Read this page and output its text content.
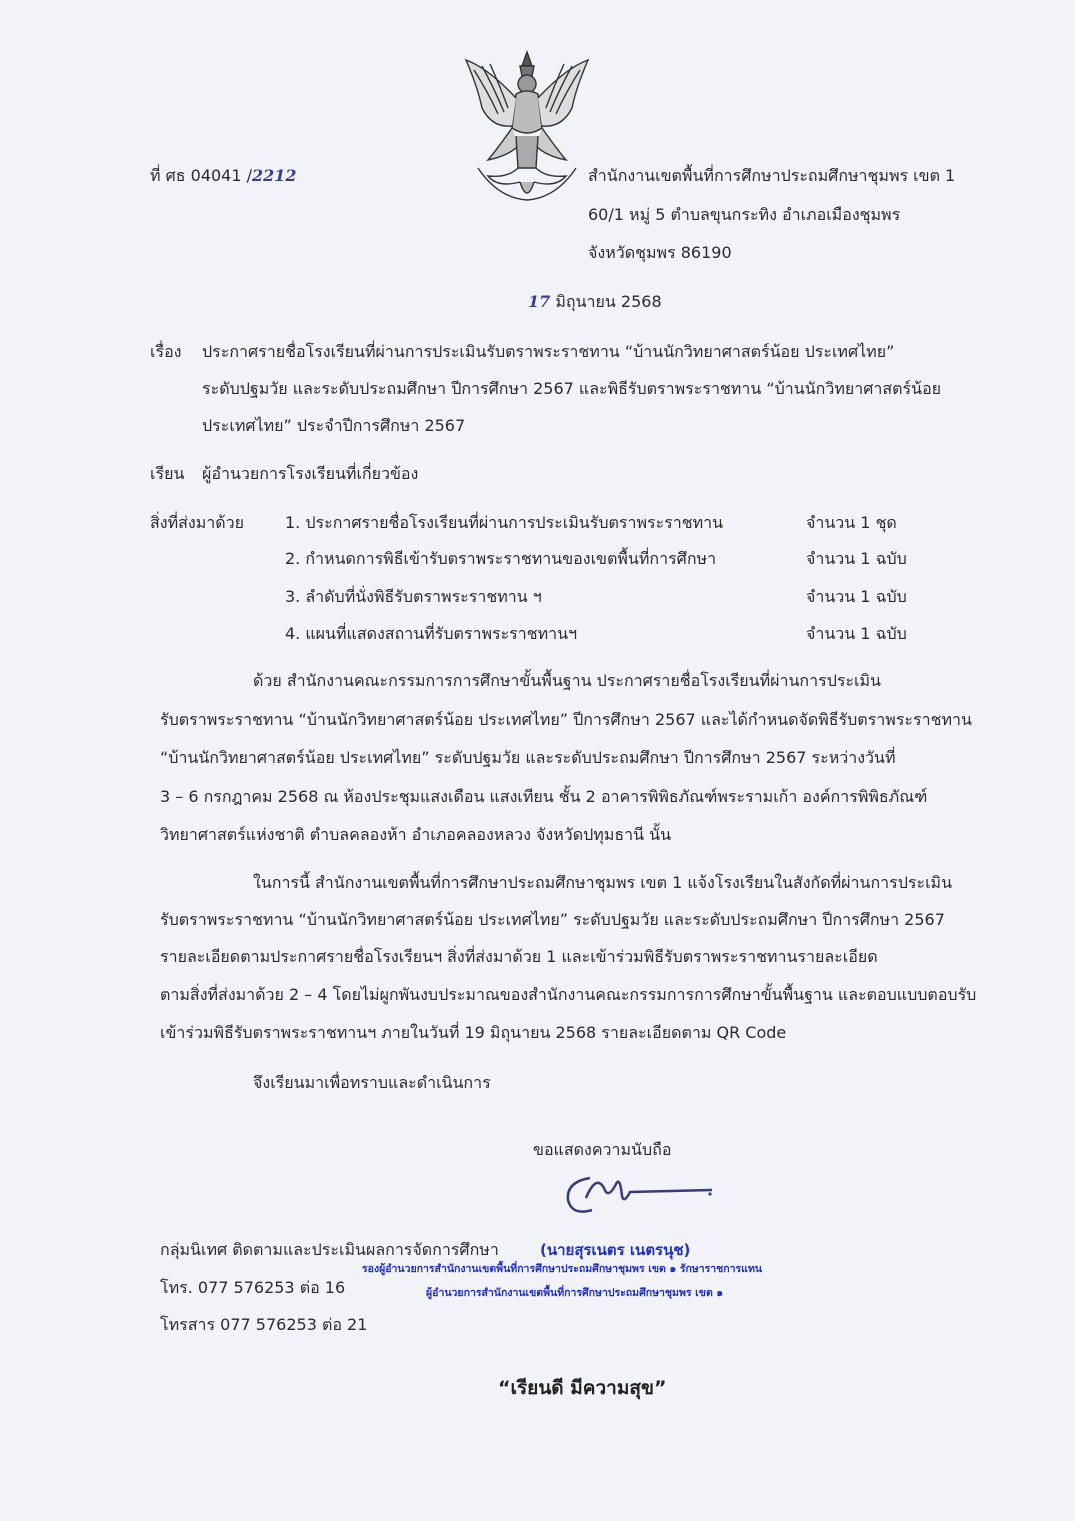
ที่ ศธ 04041 /2212	สำนักงานเขตพื้นที่การศึกษาประถมศึกษาชุมพร เขต 1
60/1 หมู่ 5 ตำบลขุนกระทิง อำเภอเมืองชุมพร
จังหวัดชุมพร 86190
17 มิถุนายน 2568
เรื่อง ประกาศรายชื่อโรงเรียนที่ผ่านการประเมินรับตราพระราชทาน “บ้านนักวิทยาศาสตร์น้อย ประเทศไทย”
ระดับปฐมวัย และระดับประถมศึกษา ปีการศึกษา 2567 และพิธีรับตราพระราชทาน “บ้านนักวิทยาศาสตร์น้อย
ประเทศไทย” ประจำปีการศึกษา 2567
เรียน ผู้อำนวยการโรงเรียนที่เกี่ยวข้อง
สิ่งที่ส่งมาด้วย	1. ประกาศรายชื่อโรงเรียนที่ผ่านการประเมินรับตราพระราชทาน	จำนวน 1 ชุด
2. กำหนดการพิธีเข้ารับตราพระราชทานของเขตพื้นที่การศึกษา	จำนวน 1 ฉบับ
3. ลำดับที่นั่งพิธีรับตราพระราชทาน ฯ	จำนวน 1 ฉบับ
4. แผนที่แสดงสถานที่รับตราพระราชทานฯ	จำนวน 1 ฉบับ
ด้วย สำนักงานคณะกรรมการการศึกษาขั้นพื้นฐาน ประกาศรายชื่อโรงเรียนที่ผ่านการประเมิน
รับตราพระราชทาน “บ้านนักวิทยาศาสตร์น้อย ประเทศไทย” ปีการศึกษา 2567 และได้กำหนดจัดพิธีรับตราพระราชทาน
“บ้านนักวิทยาศาสตร์น้อย ประเทศไทย” ระดับปฐมวัย และระดับประถมศึกษา ปีการศึกษา 2567 ระหว่างวันที่
3 – 6 กรกฎาคม 2568 ณ ห้องประชุมแสงเดือน แสงเทียน ชั้น 2 อาคารพิพิธภัณฑ์พระรามเก้า องค์การพิพิธภัณฑ์
วิทยาศาสตร์แห่งชาติ ตำบลคลองห้า อำเภอคลองหลวง จังหวัดปทุมธานี นั้น
ในการนี้ สำนักงานเขตพื้นที่การศึกษาประถมศึกษาชุมพร เขต 1 แจ้งโรงเรียนในสังกัดที่ผ่านการประเมิน
รับตราพระราชทาน “บ้านนักวิทยาศาสตร์น้อย ประเทศไทย” ระดับปฐมวัย และระดับประถมศึกษา ปีการศึกษา 2567
รายละเอียดตามประกาศรายชื่อโรงเรียนฯ สิ่งที่ส่งมาด้วย 1 และเข้าร่วมพิธีรับตราพระราชทานรายละเอียด
ตามสิ่งที่ส่งมาด้วย 2 – 4 โดยไม่ผูกพันงบประมาณของสำนักงานคณะกรรมการการศึกษาขั้นพื้นฐาน และตอบแบบตอบรับ
เข้าร่วมพิธีรับตราพระราชทานฯ ภายในวันที่ 19 มิถุนายน 2568 รายละเอียดตาม QR Code
จึงเรียนมาเพื่อทราบและดำเนินการ
ขอแสดงความนับถือ
กลุ่มนิเทศ ติดตามและประเมินผลการจัดการศึกษา	(นายสุรเนตร เนตรนุช)
รองผู้อำนวยการสำนักงานเขตพื้นที่การศึกษาประถมศึกษาชุมพร เขต ๑ รักษาราชการแทน
ผู้อำนวยการสำนักงานเขตพื้นที่การศึกษาประถมศึกษาชุมพร เขต ๑
โทร. 077 576253 ต่อ 16
โทรสาร 077 576253 ต่อ 21
“เรียนดี มีความสุข”
